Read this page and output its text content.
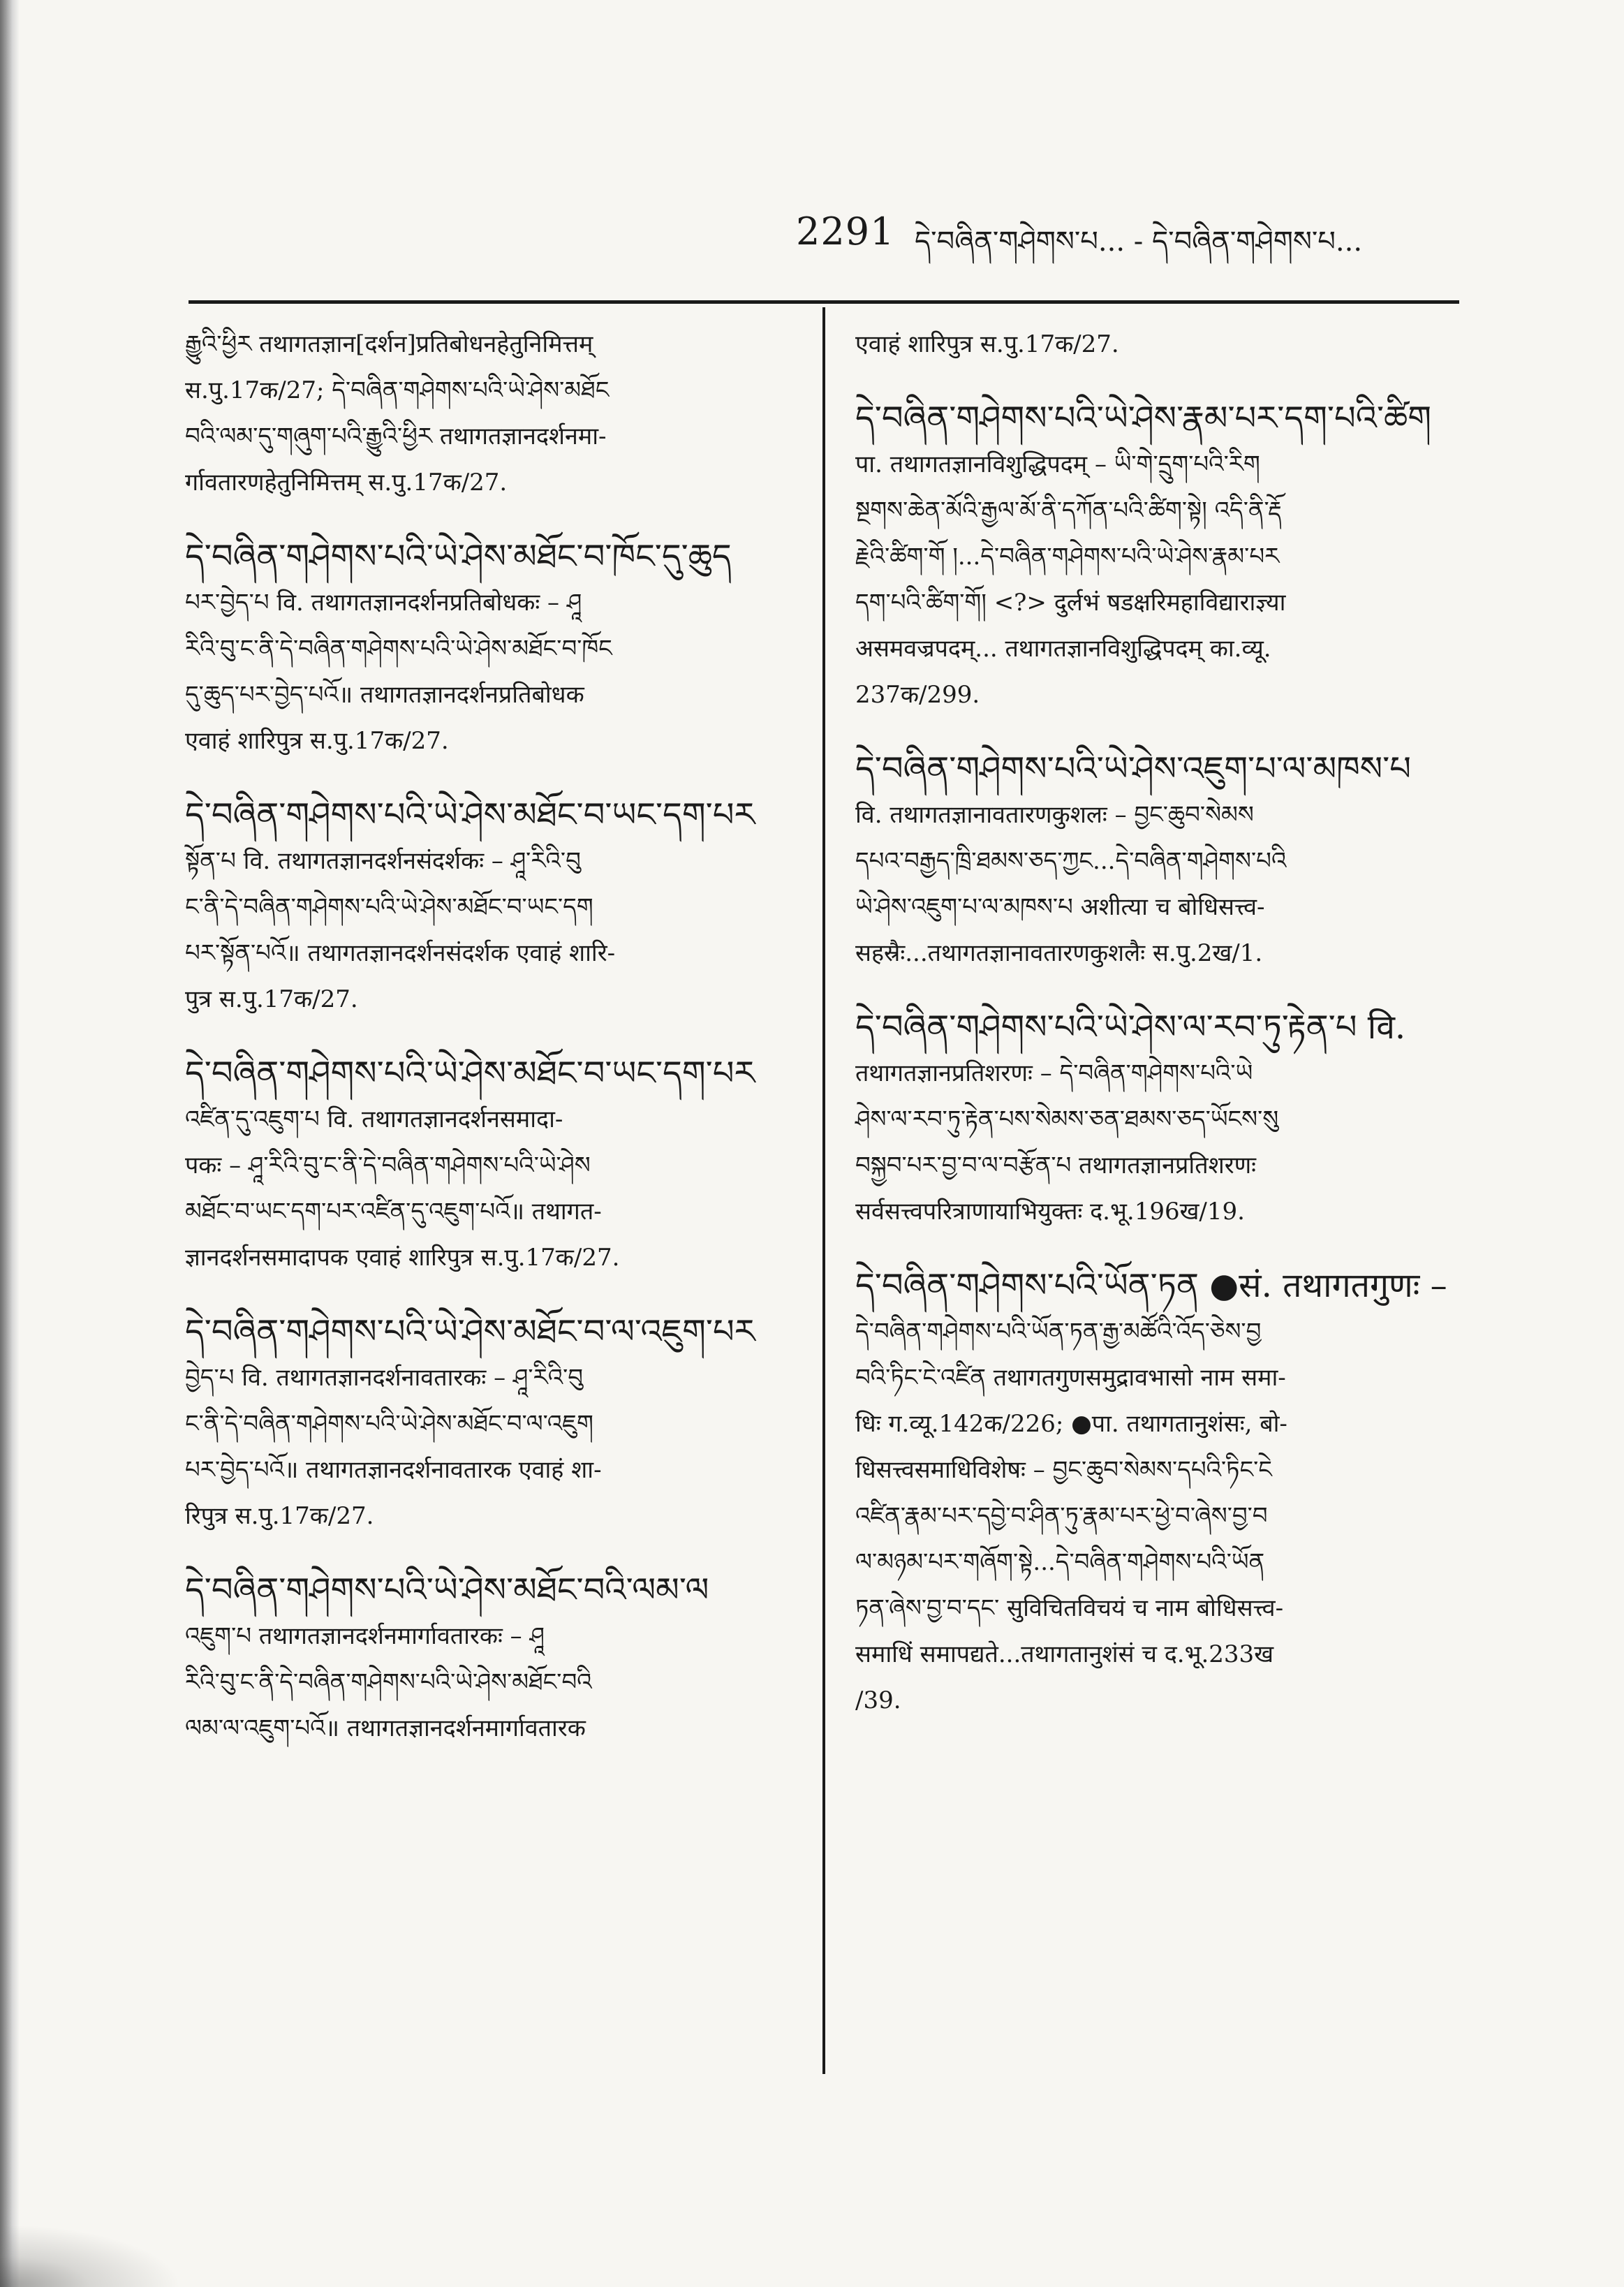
2291 དེ་བཞིན་གཤེགས་པ... - དེ་བཞིན་གཤེགས་པ...

རྒྱུའི་ཕྱིར तथागतज्ञान[दर्शन]प्रतिबोधनहेतुनिमित्तम्

स.पु.17क/27; དེ་བཞིན་གཤེགས་པའི་ཡེ་ཤེས་མཐོང

བའི་ལམ་དུ་གཞུག་པའི་རྒྱུའི་ཕྱིར तथागतज्ञानदर्शनमा-

र्गावतारणहेतुनिमित्तम् स.पु.17क/27.

དེ་བཞིན་གཤེགས་པའི་ཡེ་ཤེས་མཐོང་བ་ཁོང་དུ་ཆུད

པར་བྱེད་པ वि. तथागतज्ञानदर्शनप्रतिबोधकः – ཤཱ

རིའི་བུ་ང་ནི་དེ་བཞིན་གཤེགས་པའི་ཡེ་ཤེས་མཐོང་བ་ཁོང

དུ་ཆུད་པར་བྱེད་པའོ॥ तथागतज्ञानदर्शनप्रतिबोधक

एवाहं शारिपुत्र स.पु.17क/27.

དེ་བཞིན་གཤེགས་པའི་ཡེ་ཤེས་མཐོང་བ་ཡང་དག་པར

སྟོན་པ वि. तथागतज्ञानदर्शनसंदर्शकः – ཤཱ་རིའི་བུ

ང་ནི་དེ་བཞིན་གཤེགས་པའི་ཡེ་ཤེས་མཐོང་བ་ཡང་དག

པར་སྟོན་པའོ॥ तथागतज्ञानदर्शनसंदर्शक एवाहं शारि-

पुत्र स.पु.17क/27.

དེ་བཞིན་གཤེགས་པའི་ཡེ་ཤེས་མཐོང་བ་ཡང་དག་པར

འཛིན་དུ་འཇུག་པ वि. तथागतज्ञानदर्शनसमादा-

पकः – ཤཱ་རིའི་བུ་ང་ནི་དེ་བཞིན་གཤེགས་པའི་ཡེ་ཤེས

མཐོང་བ་ཡང་དག་པར་འཛིན་དུ་འཇུག་པའོ॥ तथागत-

ज्ञानदर्शनसमादापक एवाहं शारिपुत्र स.पु.17क/27.

དེ་བཞིན་གཤེགས་པའི་ཡེ་ཤེས་མཐོང་བ་ལ་འཇུག་པར

བྱེད་པ वि. तथागतज्ञानदर्शनावतारकः – ཤཱ་རིའི་བུ

ང་ནི་དེ་བཞིན་གཤེགས་པའི་ཡེ་ཤེས་མཐོང་བ་ལ་འཇུག

པར་བྱེད་པའོ॥ तथागतज्ञानदर्शनावतारक एवाहं शा-

रिपुत्र स.पु.17क/27.

དེ་བཞིན་གཤེགས་པའི་ཡེ་ཤེས་མཐོང་བའི་ལམ་ལ

འཇུག་པ तथागतज्ञानदर्शनमार्गावतारकः – ཤཱ

རིའི་བུ་ང་ནི་དེ་བཞིན་གཤེགས་པའི་ཡེ་ཤེས་མཐོང་བའི

ལམ་ལ་འཇུག་པའོ॥ तथागतज्ञानदर्शनमार्गावतारक

एवाहं शारिपुत्र स.पु.17क/27.

དེ་བཞིན་གཤེགས་པའི་ཡེ་ཤེས་རྣམ་པར་དག་པའི་ཚིག

पा. तथागतज्ञानविशुद्धिपदम् – ཡི་གེ་དྲུག་པའི་རིག

སྔགས་ཆེན་མོའི་རྒྱལ་མོ་ནི་དཀོན་པའི་ཚིག་སྟེ། འདི་ནི་རྡོ

རྗེའི་ཚིག་གོ །...དེ་བཞིན་གཤེགས་པའི་ཡེ་ཤེས་རྣམ་པར

དག་པའི་ཚིག་གོ། <?> दुर्लभं षडक्षरिमहाविद्याराज्ञ्या

असमवज्रपदम्... तथागतज्ञानविशुद्धिपदम् का.व्यू.

237क/299.

དེ་བཞིན་གཤེགས་པའི་ཡེ་ཤེས་འཇུག་པ་ལ་མཁས་པ

वि. तथागतज्ञानावतारणकुशलः – བྱང་ཆུབ་སེམས

དཔའ་བརྒྱད་ཁྲི་ཐམས་ཅད་ཀྱང...དེ་བཞིན་གཤེགས་པའི

ཡེ་ཤེས་འཇུག་པ་ལ་མཁས་པ अशीत्या च बोधिसत्त्व-

सहस्रैः...तथागतज्ञानावतारणकुशलैः स.पु.2ख/1.

དེ་བཞིན་གཤེགས་པའི་ཡེ་ཤེས་ལ་རབ་ཏུ་རྟེན་པ वि.

तथागतज्ञानप्रतिशरणः – དེ་བཞིན་གཤེགས་པའི་ཡེ

ཤེས་ལ་རབ་ཏུ་རྟེན་པས་སེམས་ཅན་ཐམས་ཅད་ཡོངས་སུ

བསྐྱབ་པར་བྱ་བ་ལ་བརྩོན་པ तथागतज्ञानप्रतिशरणः

सर्वसत्त्वपरित्राणायाभियुक्तः द.भू.196ख/19.

དེ་བཞིན་གཤེགས་པའི་ཡོན་ཏན ●सं. तथागतगुणः –

དེ་བཞིན་གཤེགས་པའི་ཡོན་ཏན་རྒྱ་མཚོའི་འོད་ཅེས་བྱ

བའི་ཏིང་ངེ་འཛིན तथागतगुणसमुद्रावभासो नाम समा-

धिः ग.व्यू.142क/226; ●पा. तथागतानुशंसः, बो-

धिसत्त्वसमाधिविशेषः – བྱང་ཆུབ་སེམས་དཔའི་ཏིང་ངེ

འཛིན་རྣམ་པར་དབྱེ་བ་ཤིན་ཏུ་རྣམ་པར་ཕྱེ་བ་ཞེས་བྱ་བ

ལ་མཉམ་པར་གཞོག་སྟེ...དེ་བཞིན་གཤེགས་པའི་ཡོན

ཏན་ཞེས་བྱ་བ་དང་ सुविचितविचयं च नाम बोधिसत्त्व-

समाधिं समापद्यते...तथागतानुशंसं च द.भू.233ख

/39.
